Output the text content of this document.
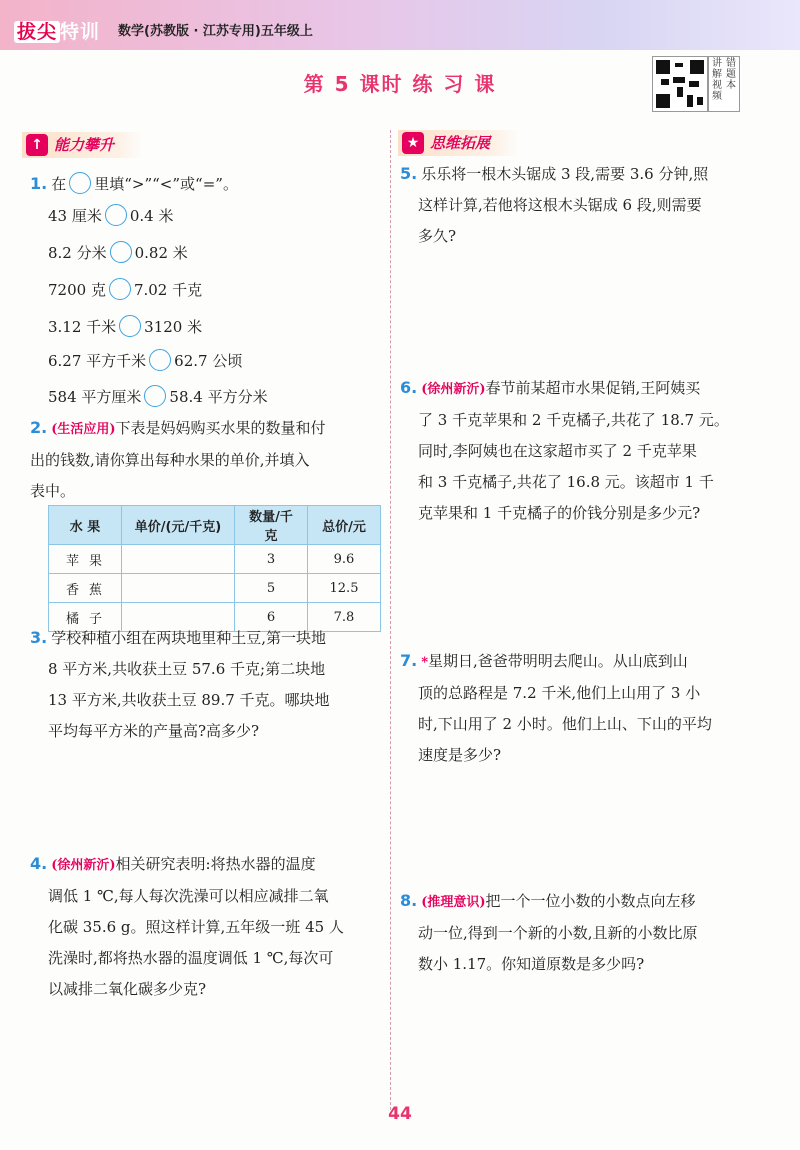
拔尖 特训 数学(苏教版 · 江苏专用)五年级上
第 5 课时 练 习 课
讲解视频
错题本
↑ 能力攀升	★ 思维拓展
1. 在 里填“>”“<”或“=”。
43 厘米 0.4 米
8.2 分米 0.82 米
7200 克 7.02 千克
3.12 千米 3120 米
6.27 平方千米 62.7 公顷
584 平方厘米 58.4 平方分米
2. (生活应用)下表是妈妈购买水果的数量和付
出的钱数,请你算出每种水果的单价,并填入
表中。
水 果	单价/(元/千克)	数量/千克	总价/元
苹果		3	9.6
香蕉		5	12.5
橘子		6	7.8
3. 学校种植小组在两块地里种土豆,第一块地
8 平方米,共收获土豆 57.6 千克;第二块地
13 平方米,共收获土豆 89.7 千克。哪块地
平均每平方米的产量高?高多少?
4. (徐州新沂)相关研究表明:将热水器的温度
调低 1 ℃,每人每次洗澡可以相应减排二氧
化碳 35.6 g。照这样计算,五年级一班 45 人
洗澡时,都将热水器的温度调低 1 ℃,每次可
以减排二氧化碳多少克?
5. 乐乐将一根木头锯成 3 段,需要 3.6 分钟,照
这样计算,若他将这根木头锯成 6 段,则需要
多久?
6. (徐州新沂)春节前某超市水果促销,王阿姨买
了 3 千克苹果和 2 千克橘子,共花了 18.7 元。
同时,李阿姨也在这家超市买了 2 千克苹果
和 3 千克橘子,共花了 16.8 元。该超市 1 千
克苹果和 1 千克橘子的价钱分别是多少元?
7. *星期日,爸爸带明明去爬山。从山底到山
顶的总路程是 7.2 千米,他们上山用了 3 小
时,下山用了 2 小时。他们上山、下山的平均
速度是多少?
8. (推理意识)把一个一位小数的小数点向左移
动一位,得到一个新的小数,且新的小数比原
数小 1.17。你知道原数是多少吗?
44
